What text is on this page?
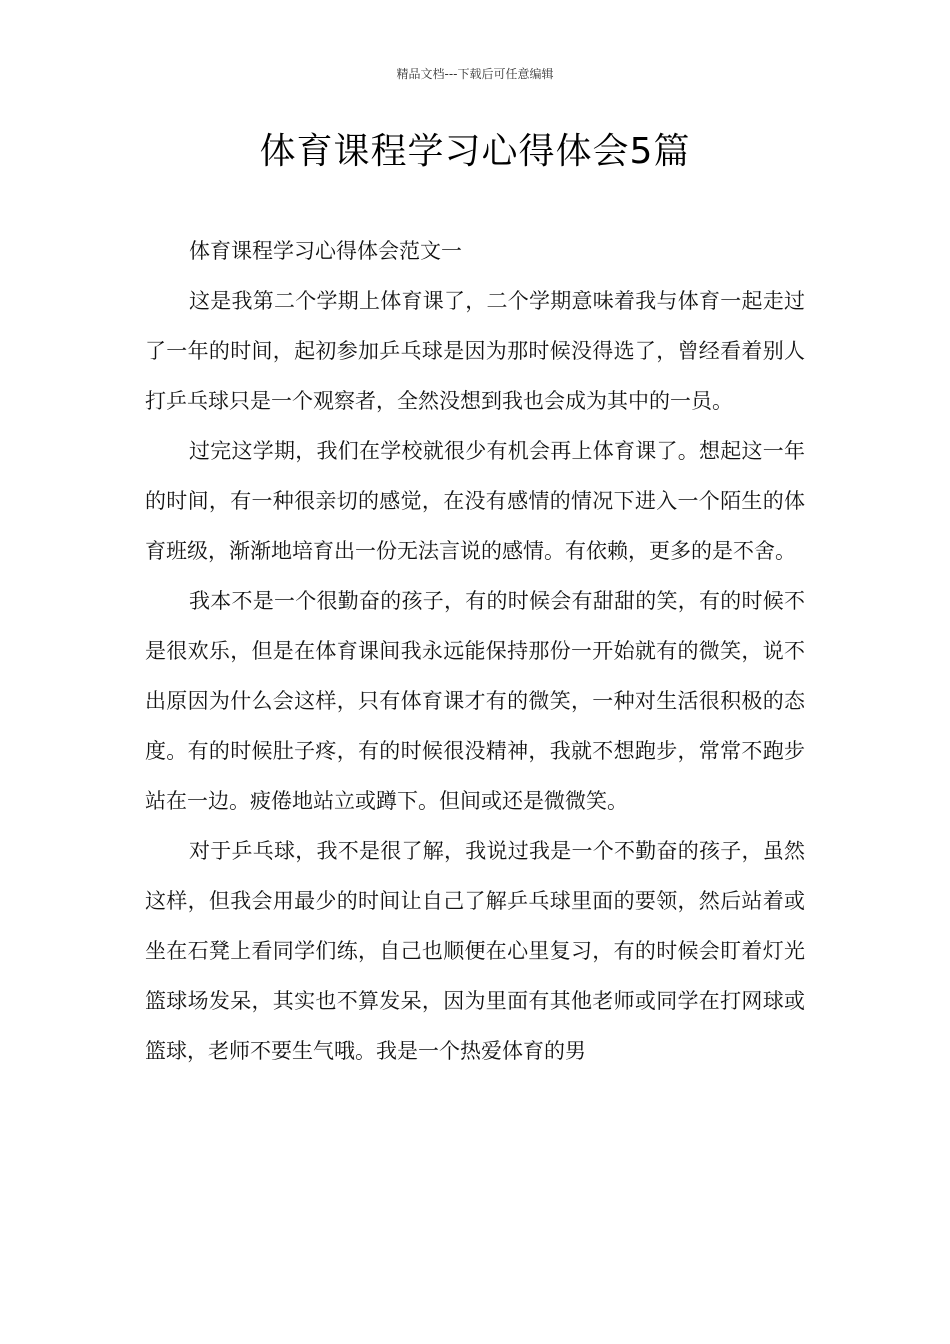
精品文档---下载后可任意编辑
体育课程学习心得体会5篇

体育课程学习心得体会范文一

这是我第二个学期上体育课了，二个学期意味着我与体育一起走过了一年的时间，起初参加乒乓球是因为那时候没得选了，曾经看着别人打乒乓球只是一个观察者，全然没想到我也会成为其中的一员。

过完这学期，我们在学校就很少有机会再上体育课了。想起这一年的时间，有一种很亲切的感觉，在没有感情的情况下进入一个陌生的体育班级，渐渐地培育出一份无法言说的感情。有依赖，更多的是不舍。

我本不是一个很勤奋的孩子，有的时候会有甜甜的笑，有的时候不是很欢乐，但是在体育课间我永远能保持那份一开始就有的微笑，说不出原因为什么会这样，只有体育课才有的微笑，一种对生活很积极的态度。有的时候肚子疼，有的时候很没精神，我就不想跑步，常常不跑步站在一边。疲倦地站立或蹲下。但间或还是微微笑。

对于乒乓球，我不是很了解，我说过我是一个不勤奋的孩子，虽然这样，但我会用最少的时间让自己了解乒乓球里面的要领，然后站着或坐在石凳上看同学们练，自己也顺便在心里复习，有的时候会盯着灯光篮球场发呆，其实也不算发呆，因为里面有其他老师或同学在打网球或篮球，老师不要生气哦。我是一个热爱体育的男
